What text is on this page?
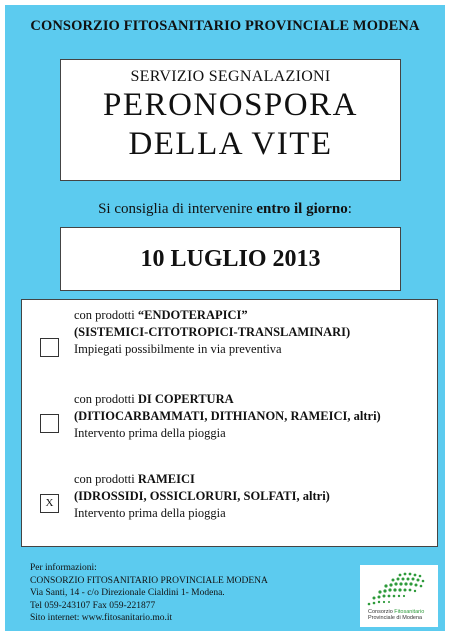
CONSORZIO FITOSANITARIO PROVINCIALE MODENA
SERVIZIO SEGNALAZIONI
PERONOSPORA
DELLA VITE
Si consiglia di intervenire entro il giorno:
10 LUGLIO 2013
con prodotti “ENDOTERAPICI”
(SISTEMICI-CITOTROPICI-TRANSLAMINARI)
Impiegati possibilmente in via preventiva
con prodotti DI COPERTURA
(DITIOCARBAMMATI, DITHIANON, RAMEICI, altri)
Intervento prima della pioggia
X
con prodotti RAMEICI
(IDROSSIDI, OSSICLORURI, SOLFATI, altri)
Intervento prima della pioggia
Per informazioni:
CONSORZIO FITOSANITARIO PROVINCIALE MODENA
Via Santi, 14 - c/o Direzionale Cialdini 1- Modena.
Tel 059-243107 Fax 059-221877
Sito internet: www.fitosanitario.mo.it
Consorzio Fitosanitario
Provinciale di Modena
